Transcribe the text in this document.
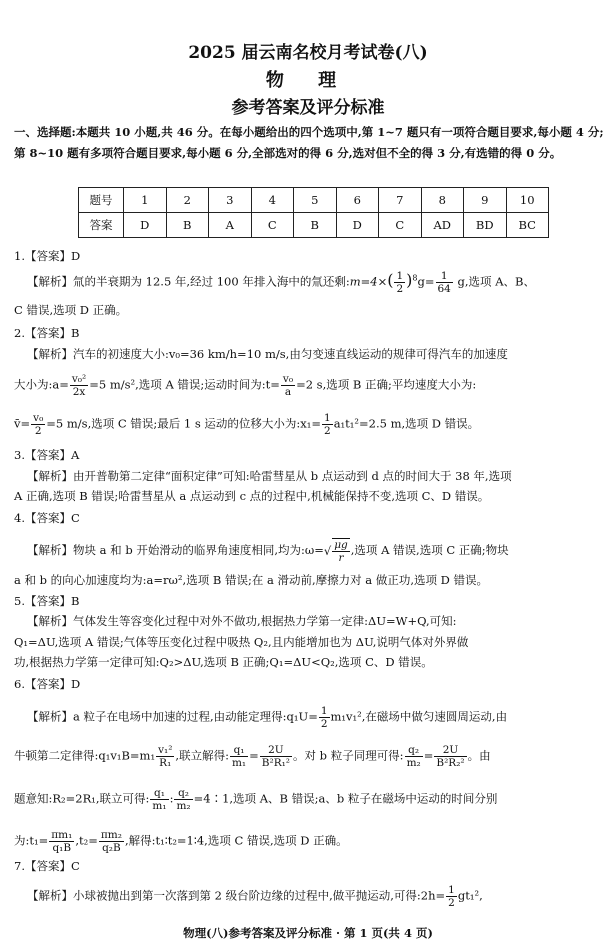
2025 届云南名校月考试卷(八)
物 理
参考答案及评分标准
一、选择题:本题共 10 小题,共 46 分。在每小题给出的四个选项中,第 1~7 题只有一项符合题目要求,每小题 4 分;第 8~10 题有多项符合题目要求,每小题 6 分,全部选对的得 6 分,选对但不全的得 3 分,有选错的得 0 分。
题号	1	2	3	4	5	6	7	8	9	10
答案	D	B	A	C	B	D	C	AD	BD	BC
1.【答案】D
【解析】氚的半衰期为 12.5 年,经过 100 年排入海中的氚还剩:m=4×( $\frac{1}{2} )^8g= \frac{1}{64} g$,选项 A、B、
C 错误,选项 D 正确。
2.【答案】B
【解析】汽车的初速度大小:v₀=36 km/h=10 m/s,由匀变速直线运动的规律可得汽车的加速度
大小为:a= $\frac{\text{v₀²}}{2x} =5$ m/s²,选项 A 错误;运动时间为:t= $\frac{\text{v₀}}{a} =2$ s,选项 B 正确;平均速度大小为:
v̄= $\frac{\text{v₀}}{2} =5$ m/s,选项 C 错误;最后 1 s 运动的位移大小为:x₁= $\frac{1}{2} a_1t_1^2=2.5$ m,选项 D 错误。
3.【答案】A
【解析】由开普勒第二定律“面积定律”可知:哈雷彗星从 b 点运动到 d 点的时间大于 38 年,选项
A 正确,选项 B 错误;哈雷彗星从 a 点运动到 c 点的过程中,机械能保持不变,选项 C、D 错误。
4.【答案】C
【解析】物块 a 和 b 开始滑动的临界角速度相同,均为:ω=√ $\frac{\mu g}{r}$ ,选项 A 错误,选项 C 正确;物块
a 和 b 的向心加速度均为:a=rω²,选项 B 错误;在 a 滑动前,摩擦力对 a 做正功,选项 D 错误。
5.【答案】B
【解析】气体发生等容变化过程中对外不做功,根据热力学第一定律:ΔU=W+Q,可知:
Q₁=ΔU,选项 A 错误;气体等压变化过程中吸热 Q₂,且内能增加也为 ΔU,说明气体对外界做
功,根据热力学第一定律可知:Q₂>ΔU,选项 B 正确;Q₁=ΔU<Q₂,选项 C、D 错误。
6.【答案】D
【解析】a 粒子在电场中加速的过程,由动能定理得:q₁U= $\frac{1}{2} m_1v_1^2$,在磁场中做匀速圆周运动,由
牛顿第二定律得:q₁v₁B=m₁ $\frac{\text{v₁²}}{\text{R₁}}$ ,联立解得: $\frac{\text{q₁}}{\text{m₁}} = \frac{2U}{\text{B²R₁²}}$ 。对 b 粒子同理可得: $\frac{\text{q₂}}{\text{m₂}} = \frac{2U}{\text{B²R₂²}}$ 。由
题意知:R₂=2R₁,联立可得: $\frac{\text{q₁}}{\text{m₁}}$ : $\frac{\text{q₂}}{\text{m₂}}$ =4∶1,选项 A、B 错误;a、b 粒子在磁场中运动的时间分别
为:t₁= $\frac{\text{πm₁}}{\text{q₁B}} ,t_2= \frac{\text{πm₂}}{\text{q₂B}}$ ,解得:t₁∶t₂=1∶4,选项 C 错误,选项 D 正确。
7.【答案】C
【解析】小球被抛出到第一次落到第 2 级台阶边缘的过程中,做平抛运动,可得:2h= $\frac{1}{2} gt_1^2$,
物理(八)参考答案及评分标准 · 第 1 页(共 4 页)
